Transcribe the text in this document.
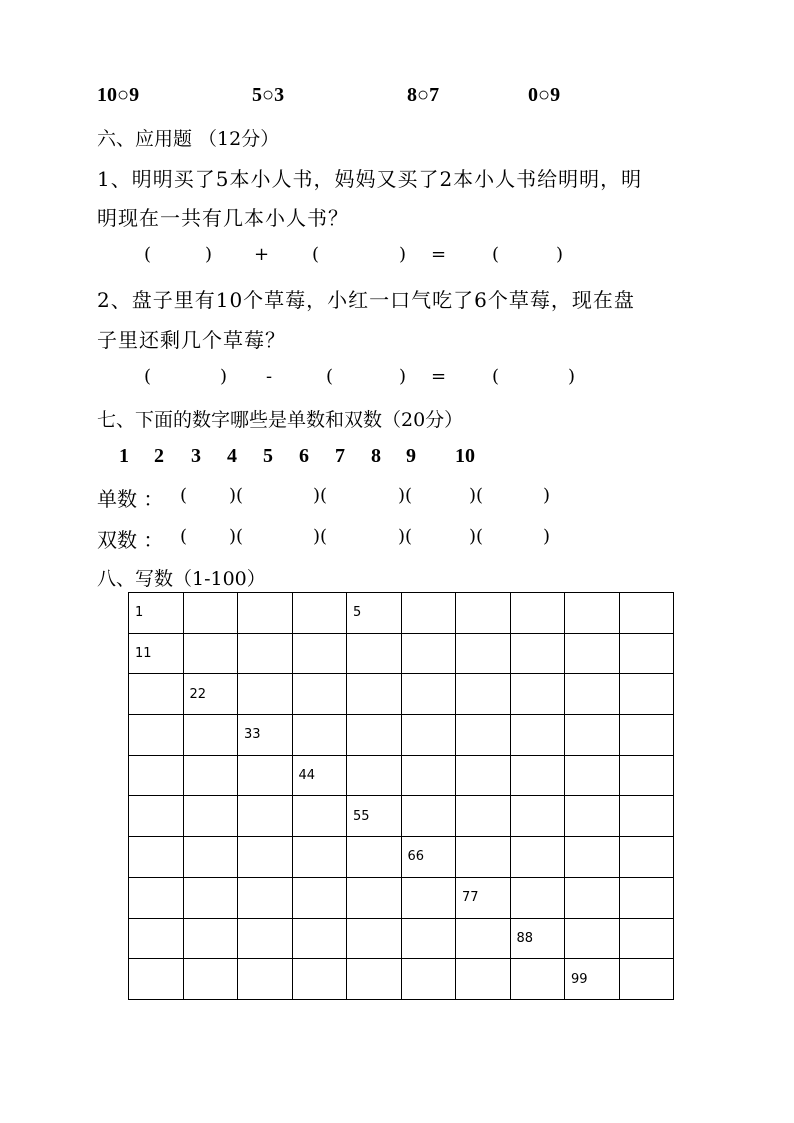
10○9	5○3	8○7	0○9
六、应用题 （12分）
1、明明买了5本小人书，妈妈又买了2本小人书给明明，明
明现在一共有几本小人书？
(	) + (	) =	(	)
2、盘子里有10个草莓，小红一口气吃了6个草莓，现在盘
子里还剩几个草莓？
(	) -	(	) =	(	)
七、下面的数字哪些是单数和双数（20分）
1 2 3 4 5 6 7 8 9 10
单数 ： ( )(	)(	)(	)(	)
双数 ： ( )(	)(	)(	)(	)
八、写数（1-100）
1				5					
11									
	22								
		33							
			44						
				55					
					66				
						77			
							88		
								99	
